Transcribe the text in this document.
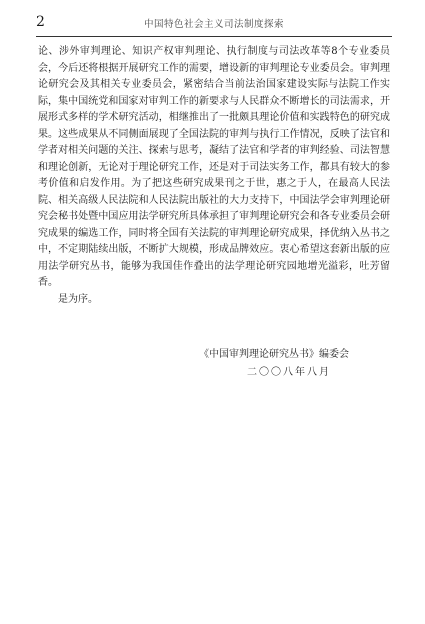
2	中国特色社会主义司法制度探索

论、涉外审判理论、知识产权审判理论、执行制度与司法改革等8个专业委员会，今后还将根据开展研究工作的需要，增设新的审判理论专业委员会。审判理论研究会及其相关专业委员会，紧密结合当前法治国家建设实际与法院工作实际，集中国统党和国家对审判工作的新要求与人民群众不断增长的司法需求，开展形式多样的学术研究活动，相继推出了一批颇具理论价值和实践特色的研究成果。这些成果从不同侧面展现了全国法院的审判与执行工作情况，反映了法官和学者对相关问题的关注、探索与思考，凝结了法官和学者的审判经验、司法智慧和理论创新，无论对于理论研究工作，还是对于司法实务工作，都具有较大的参考价值和启发作用。为了把这些研究成果刊之于世，惠之于人，在最高人民法院、相关高级人民法院和人民法院出版社的大力支持下，中国法学会审判理论研究会秘书处暨中国应用法学研究所具体承担了审判理论研究会和各专业委员会研究成果的编选工作，同时将全国有关法院的审判理论研究成果，择优纳入丛书之中，不定期陆续出版，不断扩大规模，形成品牌效应。衷心希望这套新出版的应用法学研究丛书，能够为我国佳作叠出的法学理论研究园地增光溢彩，吐芳留香。

是为序。

《中国审判理论研究丛书》编委会
二〇〇八年八月
